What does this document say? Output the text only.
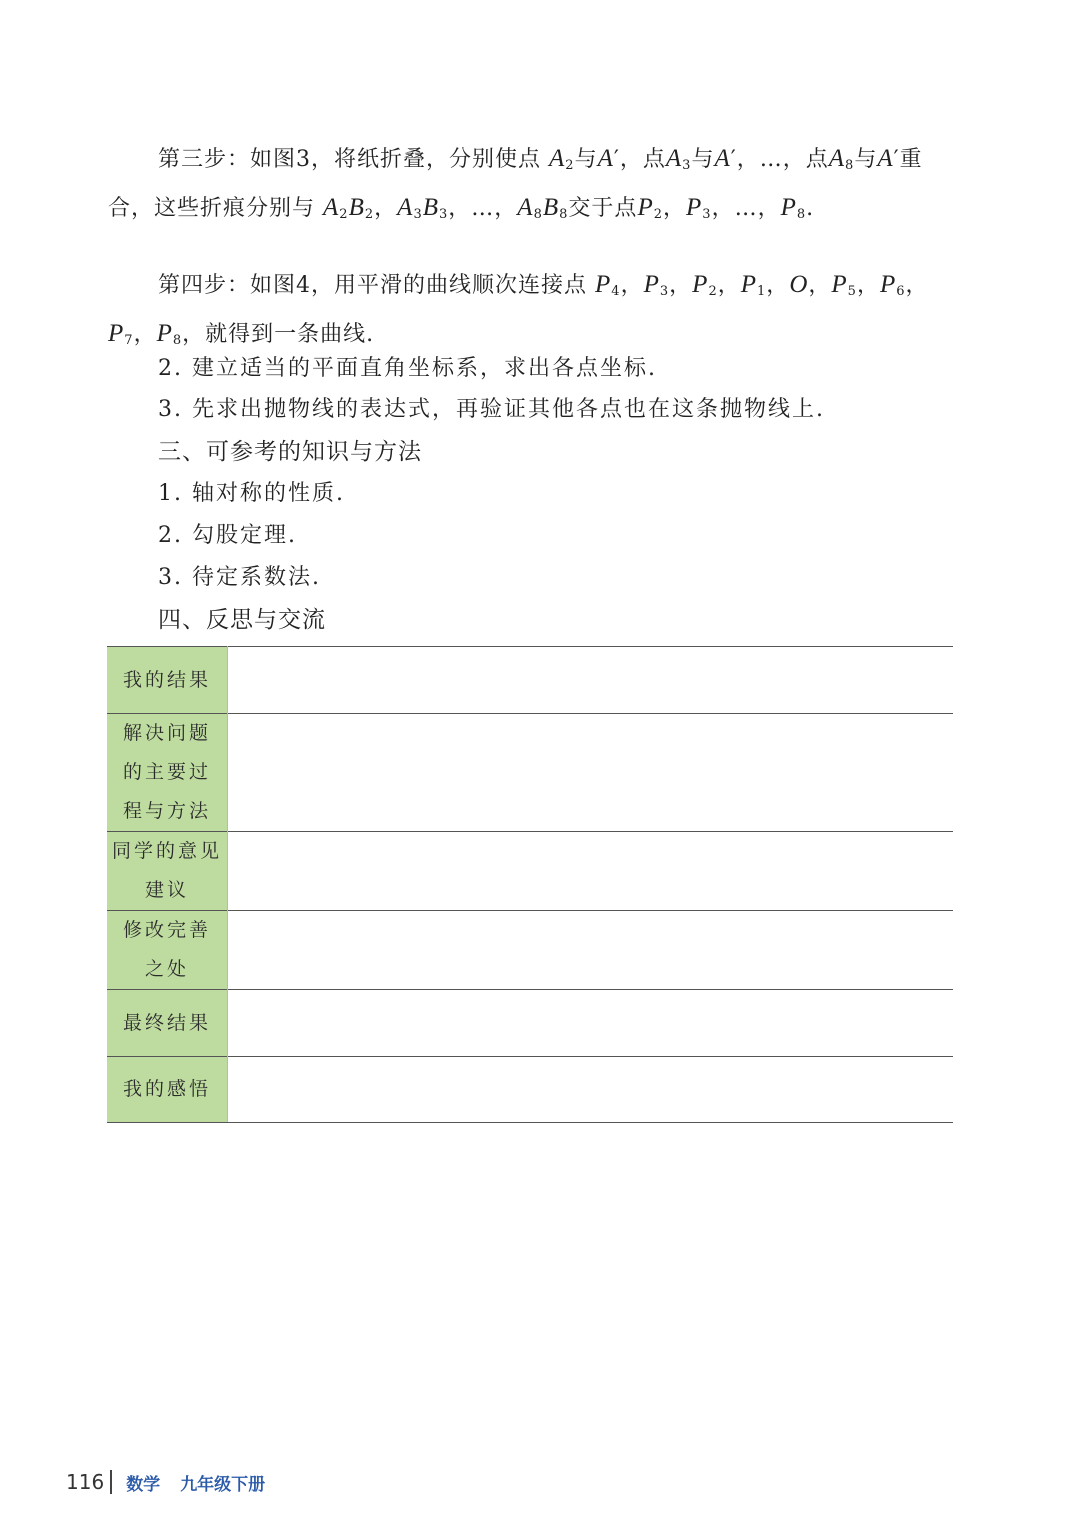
第三步：如图3，将纸折叠，分别使点 $A_2$与A′，点$A_3$与A′，…，点$A_8$与A′重合，这些折痕分别与 $A_2B_2$，$A_3B_3$，…，$A_8B_8$交于点$P_2$，$P_3$，…，$P_8$.

第四步：如图4，用平滑的曲线顺次连接点 $P_4$，$P_3$，$P_2$，$P_1$，O，$P_5$，$P_6$，$P_7$，$P_8$，就得到一条曲线.

2. 建立适当的平面直角坐标系，求出各点坐标.

3. 先求出抛物线的表达式，再验证其他各点也在这条抛物线上.

三、可参考的知识与方法

1. 轴对称的性质.

2. 勾股定理.

3. 待定系数法.

四、反思与交流

我的结果	

解决问题
的主要过
程与方法	

同学的意见
建议	

修改完善
之处	

最终结果	

我的感悟	

116 数学 九年级下册
